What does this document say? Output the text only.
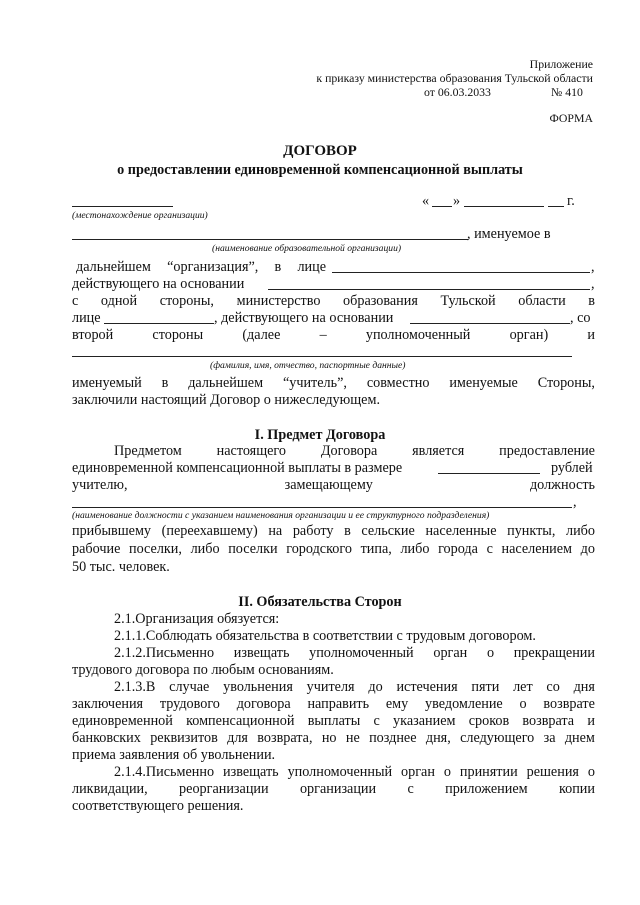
Приложение
к приказу министерства образования Тульской области
от 06.03.2033	№ 410
ФОРМА
ДОГОВОР
о предоставлении единовременной компенсационной выплаты
« »	г.
(местонахождение организации)
, именуемое в
(наименование образовательной организации)
дальнейшем “организация”, в лице	,
действующего на основании	,
с одной стороны, министерство образования Тульской области в
лице	, действующего на основании	, со
второй	стороны	(далее	–	уполномоченный	орган)	и
(фамилия, имя, отчество, паспортные данные)
именуемый в дальнейшем “учитель”, совместно именуемые Стороны,
заключили настоящий Договор о нижеследующем.
I. Предмет Договора
Предметом настоящего Договора является предоставление
единовременной компенсационной выплаты в размере	рублей
учителю,	замещающему	должность
,
(наименование должности с указанием наименования организации и ее структурного подразделения)
прибывшему (переехавшему) на работу в сельские населенные пункты, либо
рабочие поселки, либо поселки городского типа, либо города с населением до
50 тыс. человек.
II. Обязательства Сторон
2.1.Организация обязуется:
2.1.1.Соблюдать обязательства в соответствии с трудовым договором.
2.1.2.Письменно извещать уполномоченный орган о прекращении
трудового договора по любым основаниям.
2.1.3.В случае увольнения учителя до истечения пяти лет со дня
заключения трудового договора направить ему уведомление о возврате
единовременной компенсационной выплаты с указанием сроков возврата и
банковских реквизитов для возврата, но не позднее дня, следующего за днем
приема заявления об увольнении.
2.1.4.Письменно извещать уполномоченный орган о принятии решения о
ликвидации, реорганизации организации с приложением копии
соответствующего решения.
